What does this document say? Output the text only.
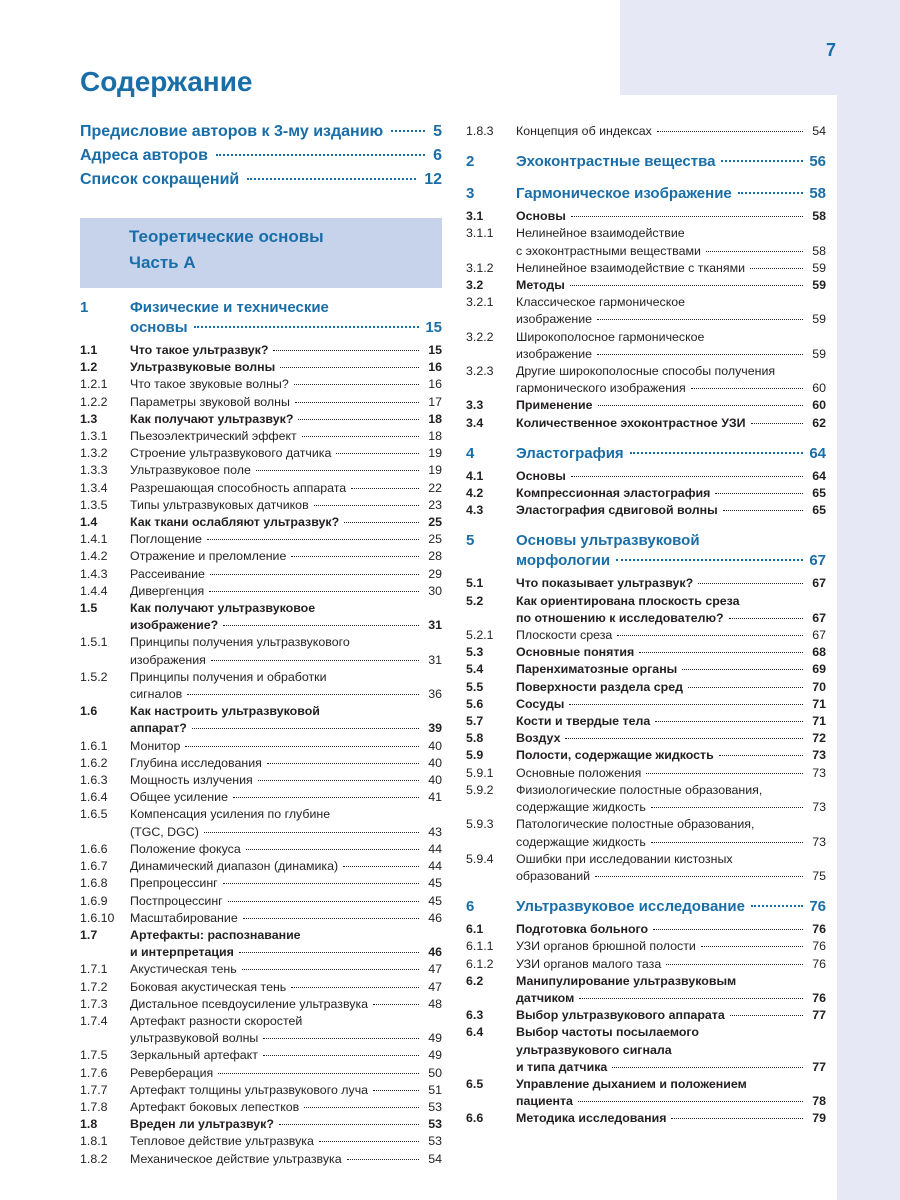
7
Содержание
Предисловие авторов к 3-му изданию	5
Адреса авторов	6
Список сокращений	12
Теоретические основы
Часть А
1	Физические и технические
основы	15
1.1	Что такое ультразвук?	15
1.2	Ультразвуковые волны	16
1.2.1	Что такое звуковые волны?	16
1.2.2	Параметры звуковой волны	17
1.3	Как получают ультразвук?	18
1.3.1	Пьезоэлектрический эффект	18
1.3.2	Строение ультразвукового датчика	19
1.3.3	Ультразвуковое поле	19
1.3.4	Разрешающая способность аппарата	22
1.3.5	Типы ультразвуковых датчиков	23
1.4	Как ткани ослабляют ультразвук?	25
1.4.1	Поглощение	25
1.4.2	Отражение и преломление	28
1.4.3	Рассеивание	29
1.4.4	Дивергенция	30
1.5	Как получают ультразвуковое
изображение?	31
1.5.1	Принципы получения ультразвукового
изображения	31
1.5.2	Принципы получения и обработки
сигналов	36
1.6	Как настроить ультразвуковой
аппарат?	39
1.6.1	Монитор	40
1.6.2	Глубина исследования	40
1.6.3	Мощность излучения	40
1.6.4	Общее усиление	41
1.6.5	Компенсация усиления по глубине
(TGC, DGC)	43
1.6.6	Положение фокуса	44
1.6.7	Динамический диапазон (динамика)	44
1.6.8	Препроцессинг	45
1.6.9	Постпроцессинг	45
1.6.10	Масштабирование	46
1.7	Артефакты: распознавание
и интерпретация	46
1.7.1	Акустическая тень	47
1.7.2	Боковая акустическая тень	47
1.7.3	Дистальное псевдоусиление ультразвука	48
1.7.4	Артефакт разности скоростей
ультразвуковой волны	49
1.7.5	Зеркальный артефакт	49
1.7.6	Реверберация	50
1.7.7	Артефакт толщины ультразвукового луча	51
1.7.8	Артефакт боковых лепестков	53
1.8	Вреден ли ультразвук?	53
1.8.1	Тепловое действие ультразвука	53
1.8.2	Механическое действие ультразвука	54
1.8.3	Концепция об индексах	54
2	Эхоконтрастные вещества	56
3	Гармоническое изображение	58
3.1	Основы	58
3.1.1	Нелинейное взаимодействие
с эхоконтрастными веществами	58
3.1.2	Нелинейное взаимодействие с тканями	59
3.2	Методы	59
3.2.1	Классическое гармоническое
изображение	59
3.2.2	Широкополосное гармоническое
изображение	59
3.2.3	Другие широкополосные способы получения
гармонического изображения	60
3.3	Применение	60
3.4	Количественное эхоконтрастное УЗИ	62
4	Эластография	64
4.1	Основы	64
4.2	Компрессионная эластография	65
4.3	Эластография сдвиговой волны	65
5	Основы ультразвуковой
морфологии	67
5.1	Что показывает ультразвук?	67
5.2	Как ориентирована плоскость среза
по отношению к исследователю?	67
5.2.1	Плоскости среза	67
5.3	Основные понятия	68
5.4	Паренхиматозные органы	69
5.5	Поверхности раздела сред	70
5.6	Сосуды	71
5.7	Кости и твердые тела	71
5.8	Воздух	72
5.9	Полости, содержащие жидкость	73
5.9.1	Основные положения	73
5.9.2	Физиологические полостные образования,
содержащие жидкость	73
5.9.3	Патологические полостные образования,
содержащие жидкость	73
5.9.4	Ошибки при исследовании кистозных
образований	75
6	Ультразвуковое исследование	76
6.1	Подготовка больного	76
6.1.1	УЗИ органов брюшной полости	76
6.1.2	УЗИ органов малого таза	76
6.2	Манипулирование ультразвуковым
датчиком	76
6.3	Выбор ультразвукового аппарата	77
6.4	Выбор частоты посылаемого
ультразвукового сигнала
и типа датчика	77
6.5	Управление дыханием и положением
пациента	78
6.6	Методика исследования	79
